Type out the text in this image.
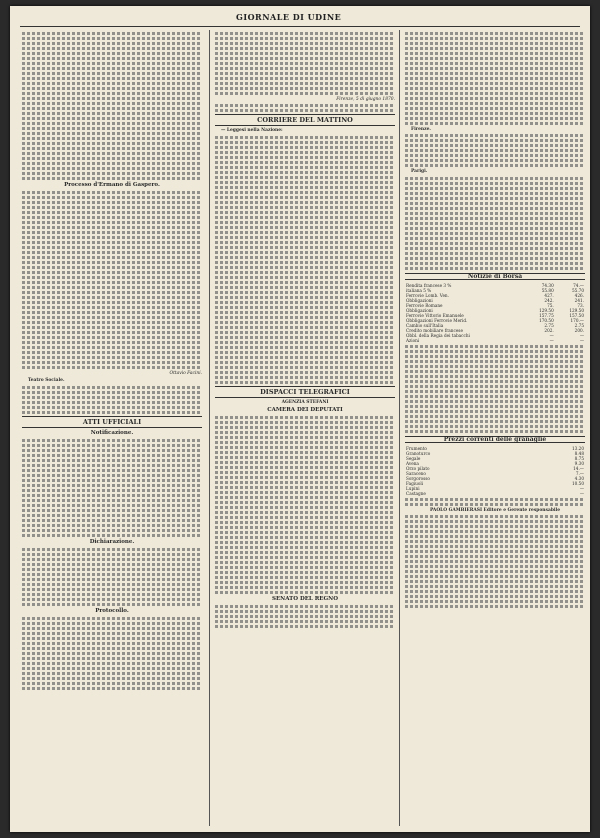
GIORNALE DI UDINE

Processo d'Ermano di Gaspero.

Ottavio Facini.

Teatro Sociale.

ATTI UFFICIALI

Notificazione.

Dichiarazione.

Protocollo.

Firenze, 5 di giugno 1870.

CORRIERE DEL MATTINO

— Leggesi nella Nazione:

DISPACCI TELEGRAFICI

AGENZIA STEFANI

CAMERA DEI DEPUTATI

SENATO DEL REGNO

Firenze.

Parigi.

Notizie di Borsa
Rendita francese 3 %	74.30	74.—
italiana 5 %	55.80	55.70
Ferrovie Lomb. Ven.	427.	426.
Obbligazioni	242.	241.
Ferrovie Romane	75.	73.
Obbligazioni	129.50	129.50
Ferrovie Vittorio Emanuele	157.75	157.50
Obbligazioni Ferrovie Merid.	170.50	170.—
Cambio sull'Italia	2.75	2.75
Credito mobiliare francese	202.	200.
Obbl. della Regia dei tabacchi	—	—
Azioni	—	—
Prezzi correnti delle granaglie
Frumento	13.20
Granoturco	8.48
Segale	8.75
Avena	9.30
Orzo pilato	14.—
Saraceno	7.—
Sorgorosso	4.30
Fagiuoli	10.50
Lupini	—
Castagne	—

PAOLO GAMBIERASI Editore e Gerente responsabile
